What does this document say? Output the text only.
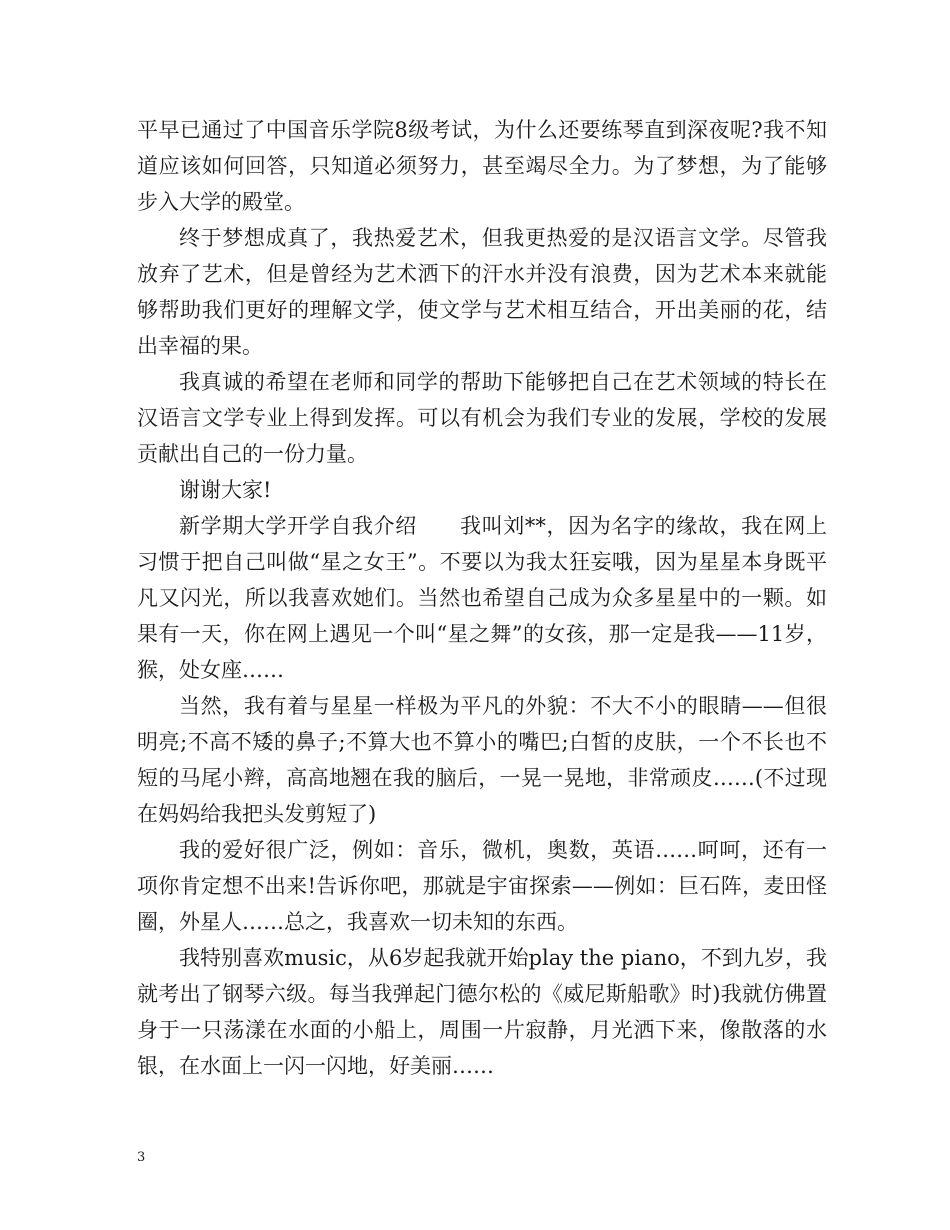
平早已通过了中国音乐学院8级考试，为什么还要练琴直到深夜呢?我不知道应该如何回答，只知道必须努力，甚至竭尽全力。为了梦想，为了能够步入大学的殿堂。

终于梦想成真了，我热爱艺术，但我更热爱的是汉语言文学。尽管我放弃了艺术，但是曾经为艺术洒下的汗水并没有浪费，因为艺术本来就能够帮助我们更好的理解文学，使文学与艺术相互结合，开出美丽的花，结出幸福的果。

我真诚的希望在老师和同学的帮助下能够把自己在艺术领域的特长在汉语言文学专业上得到发挥。可以有机会为我们专业的发展，学校的发展贡献出自己的一份力量。

谢谢大家!

新学期大学开学自我介绍　　我叫刘**，因为名字的缘故，我在网上习惯于把自己叫做“星之女王”。不要以为我太狂妄哦，因为星星本身既平凡又闪光，所以我喜欢她们。当然也希望自己成为众多星星中的一颗。如果有一天，你在网上遇见一个叫“星之舞”的女孩，那一定是我——11岁，猴，处女座……

当然，我有着与星星一样极为平凡的外貌：不大不小的眼睛——但很明亮;不高不矮的鼻子;不算大也不算小的嘴巴;白皙的皮肤，一个不长也不短的马尾小辫，高高地翘在我的脑后，一晃一晃地，非常顽皮……(不过现在妈妈给我把头发剪短了)

我的爱好很广泛，例如：音乐，微机，奥数，英语……呵呵，还有一项你肯定想不出来!告诉你吧，那就是宇宙探索——例如：巨石阵，麦田怪圈，外星人……总之，我喜欢一切未知的东西。

我特别喜欢music，从6岁起我就开始play the piano，不到九岁，我就考出了钢琴六级。每当我弹起门德尔松的《威尼斯船歌》时)我就仿佛置身于一只荡漾在水面的小船上，周围一片寂静，月光洒下来，像散落的水银，在水面上一闪一闪地，好美丽……

3
